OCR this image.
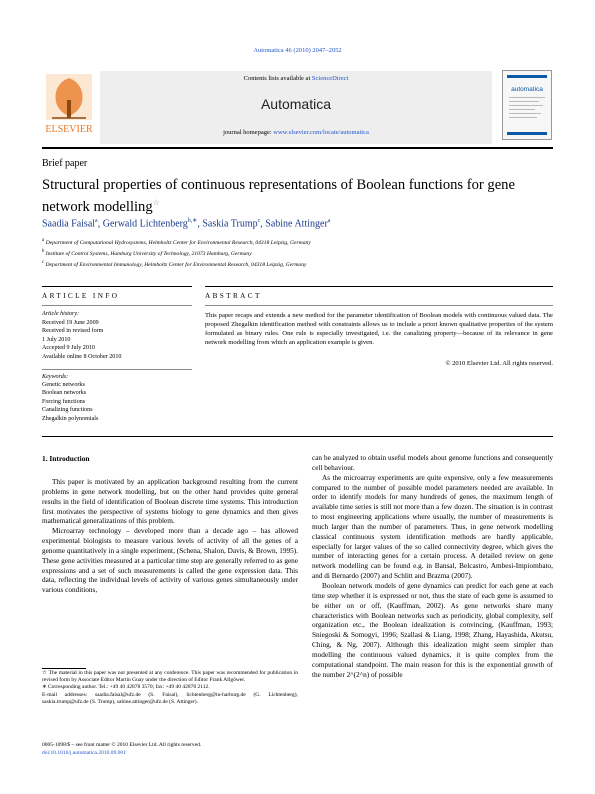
Automatica 46 (2010) 2047–2052
Contents lists available at ScienceDirect
Automatica
journal homepage: www.elsevier.com/locate/automatica
ELSEVIER
automatica
Brief paper
Structural properties of continuous representations of Boolean functions for gene network modelling☆
Saadia Faisal$^a$, Gerwald Lichtenberg$^{b,∗}$, Saskia Trump$^c$, Sabine Attinger$^a$
$^a$ Department of Computational Hydrosystems, Helmholtz Center for Environmental Research, 04318 Leipzig, Germany
$^b$ Institute of Control Systems, Hamburg University of Technology, 21073 Hamburg, Germany
$^c$ Department of Environmental Immunology, Helmholtz Center for Environmental Research, 04318 Leipzig, Germany
ARTICLE INFO	ABSTRACT
Article history:
Received 19 June 2009
Received in revised form
1 July 2010
Accepted 9 July 2010
Available online 8 October 2010
Keywords:
Genetic networks
Boolean networks
Forcing functions
Canalizing functions
Zhegalkin polynomials
This paper recaps and extends a new method for the parameter identification of Boolean models with continuous valued data. The proposed Zhegalkin identification method with constraints allows us to include a priori known qualitative properties of the system formulated as binary rules. One rule is especially investigated, i.e. the canalizing property—because of its relevance in gene network modelling from which an application example is given.
© 2010 Elsevier Ltd. All rights reserved.
1. Introduction

This paper is motivated by an application background resulting from the current problems in gene network modelling, but on the other hand provides quite general results in the field of identification of Boolean discrete time systems. This introduction first motivates the perspective of systems biology to gene dynamics and then gives mathematical generalizations of this problem.

Microarray technology – developed more than a decade ago – has allowed experimental biologists to measure various levels of activity of all the genes of a genome quantitatively in a single experiment, (Schena, Shalon, Davis, & Brown, 1995). These gene activities measured at a particular time step are generally referred to as gene expressions and a set of such measurements is called the gene expression data. This data, reflecting the individual levels of activity of various genes simultaneously under various conditions,

can be analyzed to obtain useful models about genome functions and consequently cell behaviour.

As the microarray experiments are quite expensive, only a few measurements compared to the number of possible model parameters needed are available. In order to identify models for many hundreds of genes, the maximum length of available time series is still not more than a few dozen. The situation is in contrast to most engineering applications where usually, the number of measurements is much larger than the number of parameters. Thus, in gene network modelling classical continuous system identification methods are hardly applicable, especially for larger values of the so called connectivity degree, which gives the number of interacting genes for a certain process. A detailed review on gene network modelling can be found e.g. in Bansal, Belcastro, Ambesi-Impiombato, and di Bernardo (2007) and Schlitt and Brazma (2007).

Boolean network models of gene dynamics can predict for each gene at each time step whether it is expressed or not, thus the state of each gene is assumed to be either on or off, (Kauffman, 2002). As gene networks share many characteristics with Boolean networks such as periodicity, global complexity, self organization etc., the Boolean idealization is convincing, (Kauffman, 1993; Sniegoski & Somogyi, 1996; Szallasi & Liang, 1998; Zhang, Hayashida, Akutsu, Ching, & Ng, 2007). Although this idealization might seem simpler than modelling the continuous valued dynamics, it is quite complex from the computational standpoint. The main reason for this is the exponential growth of the number 2^(2^n) of possible

☆ The material in this paper was not presented at any conference. This paper was recommended for publication in revised form by Associate Editor Martin Guay under the direction of Editor Frank Allgöwer.

∗ Corresponding author. Tel.: +49 40 42878 3570; fax: +49 40 42878 2112.

E-mail addresses: saadia.faisal@ufz.de (S. Faisal), lichtenberg@tu-harburg.de (G. Lichtenberg), saskia.trump@ufz.de (S. Trump), sabine.attinger@ufz.de (S. Attinger).

0005-1098/$ – see front matter © 2010 Elsevier Ltd. All rights reserved.
doi:10.1016/j.automatica.2010.09.001
